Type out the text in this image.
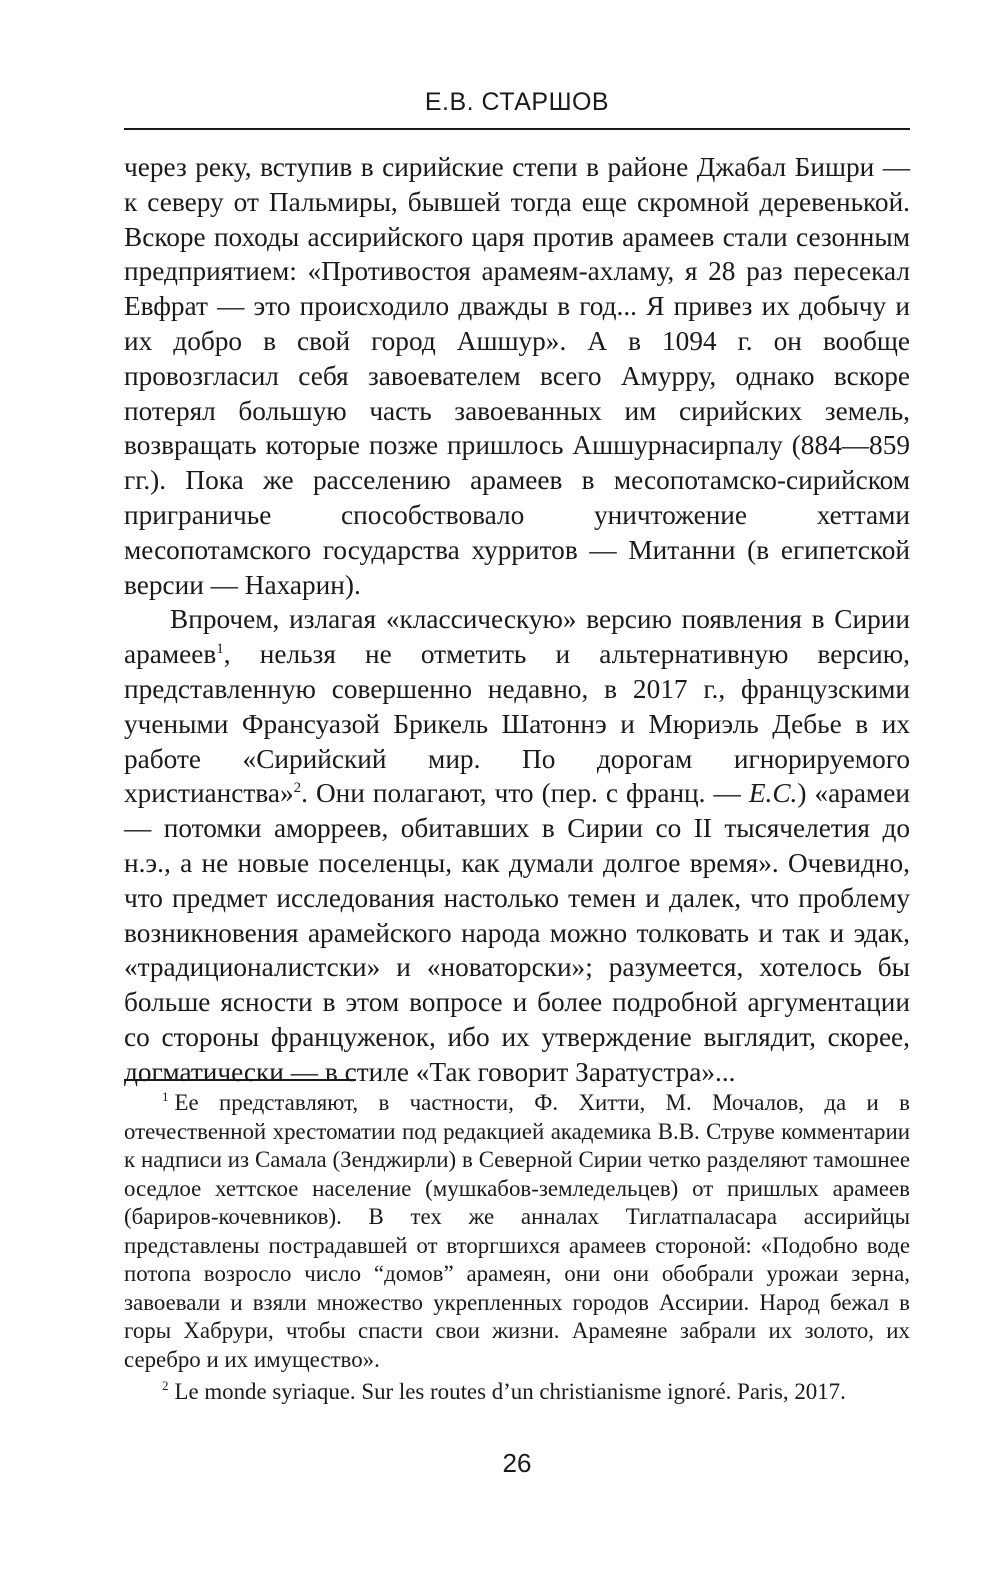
Е.В. СТАРШОВ

через реку, вступив в сирийские степи в районе Джабал Бишри — к северу от Пальмиры, бывшей тогда еще скромной деревенькой. Вскоре походы ассирийского царя против арамеев стали сезонным предприятием: «Противостоя арамеям-ахламу, я 28 раз пересекал Евфрат — это происходило дважды в год... Я привез их добычу и их добро в свой город Ашшур». А в 1094 г. он вообще провозгласил себя завоевателем всего Амурру, однако вскоре потерял большую часть завоеванных им сирийских земель, возвращать которые позже пришлось Ашшурнасирпалу (884—859 гг.). Пока же расселению арамеев в месопотамско-сирийском приграничье способствовало уничтожение хеттами месопотамского государства хурритов — Митанни (в египетской версии — Нахарин).

Впрочем, излагая «классическую» версию появления в Сирии арамеев$^1$, нельзя не отметить и альтернативную версию, представленную совершенно недавно, в 2017 г., французскими учеными Франсуазой Брикель Шатоннэ и Мюриэль Дебье в их работе «Сирийский мир. По дорогам игнорируемого христианства»$^2$. Они полагают, что (пер. с франц. — Е.С.) «арамеи — потомки аморреев, обитавших в Сирии со II тысячелетия до н.э., а не новые поселенцы, как думали долгое время». Очевидно, что предмет исследования настолько темен и далек, что проблему возникновения арамейского народа можно толковать и так и эдак, «традиционалистски» и «новаторски»; разумеется, хотелось бы больше ясности в этом вопросе и более подробной аргументации со стороны француженок, ибо их утверждение выглядит, скорее, догматически — в стиле «Так говорит Заратустра»...

$^1$ Ее представляют, в частности, Ф. Хитти, М. Мочалов, да и в отечественной хрестоматии под редакцией академика В.В. Струве комментарии к надписи из Самала (Зенджирли) в Северной Сирии четко разделяют тамошнее оседлое хеттское население (мушкабов-земледельцев) от пришлых арамеев (бариров-кочевников). В тех же анналах Тиглатпаласара ассирийцы представлены пострадавшей от вторгшихся арамеев стороной: «Подобно воде потопа возросло число “домов” арамеян, они они обобрали урожаи зерна, завоевали и взяли множество укрепленных городов Ассирии. Народ бежал в горы Хабрури, чтобы спасти свои жизни. Арамеяне забрали их золото, их серебро и их имущество».

$^2$ Le monde syriaque. Sur les routes d’un christianisme ignoré. Paris, 2017.

26
